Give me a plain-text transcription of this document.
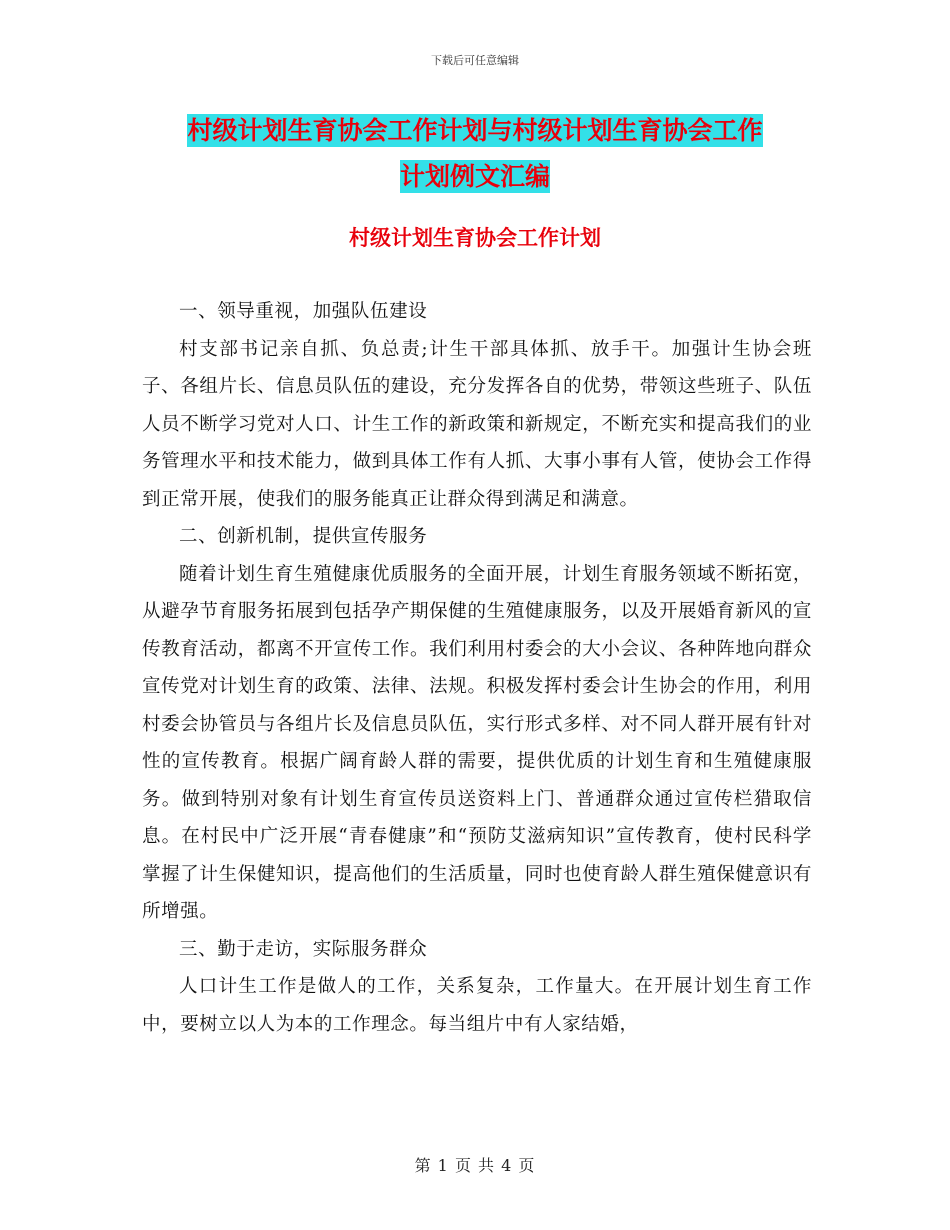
下载后可任意编辑
村级计划生育协会工作计划与村级计划生育协会工作
计划例文汇编
村级计划生育协会工作计划

一、领导重视，加强队伍建设

村支部书记亲自抓、负总责;计生干部具体抓、放手干。加强计生协会班子、各组片长、信息员队伍的建设，充分发挥各自的优势，带领这些班子、队伍人员不断学习党对人口、计生工作的新政策和新规定，不断充实和提高我们的业务管理水平和技术能力，做到具体工作有人抓、大事小事有人管，使协会工作得到正常开展，使我们的服务能真正让群众得到满足和满意。

二、创新机制，提供宣传服务

随着计划生育生殖健康优质服务的全面开展，计划生育服务领域不断拓宽，从避孕节育服务拓展到包括孕产期保健的生殖健康服务，以及开展婚育新风的宣传教育活动，都离不开宣传工作。我们利用村委会的大小会议、各种阵地向群众宣传党对计划生育的政策、法律、法规。积极发挥村委会计生协会的作用，利用村委会协管员与各组片长及信息员队伍，实行形式多样、对不同人群开展有针对性的宣传教育。根据广阔育龄人群的需要，提供优质的计划生育和生殖健康服务。做到特别对象有计划生育宣传员送资料上门、普通群众通过宣传栏猎取信息。在村民中广泛开展“青春健康”和“预防艾滋病知识”宣传教育，使村民科学掌握了计生保健知识，提高他们的生活质量，同时也使育龄人群生殖保健意识有所增强。

三、勤于走访，实际服务群众

人口计生工作是做人的工作，关系复杂，工作量大。在开展计划生育工作中，要树立以人为本的工作理念。每当组片中有人家结婚，

第 1 页 共 4 页
